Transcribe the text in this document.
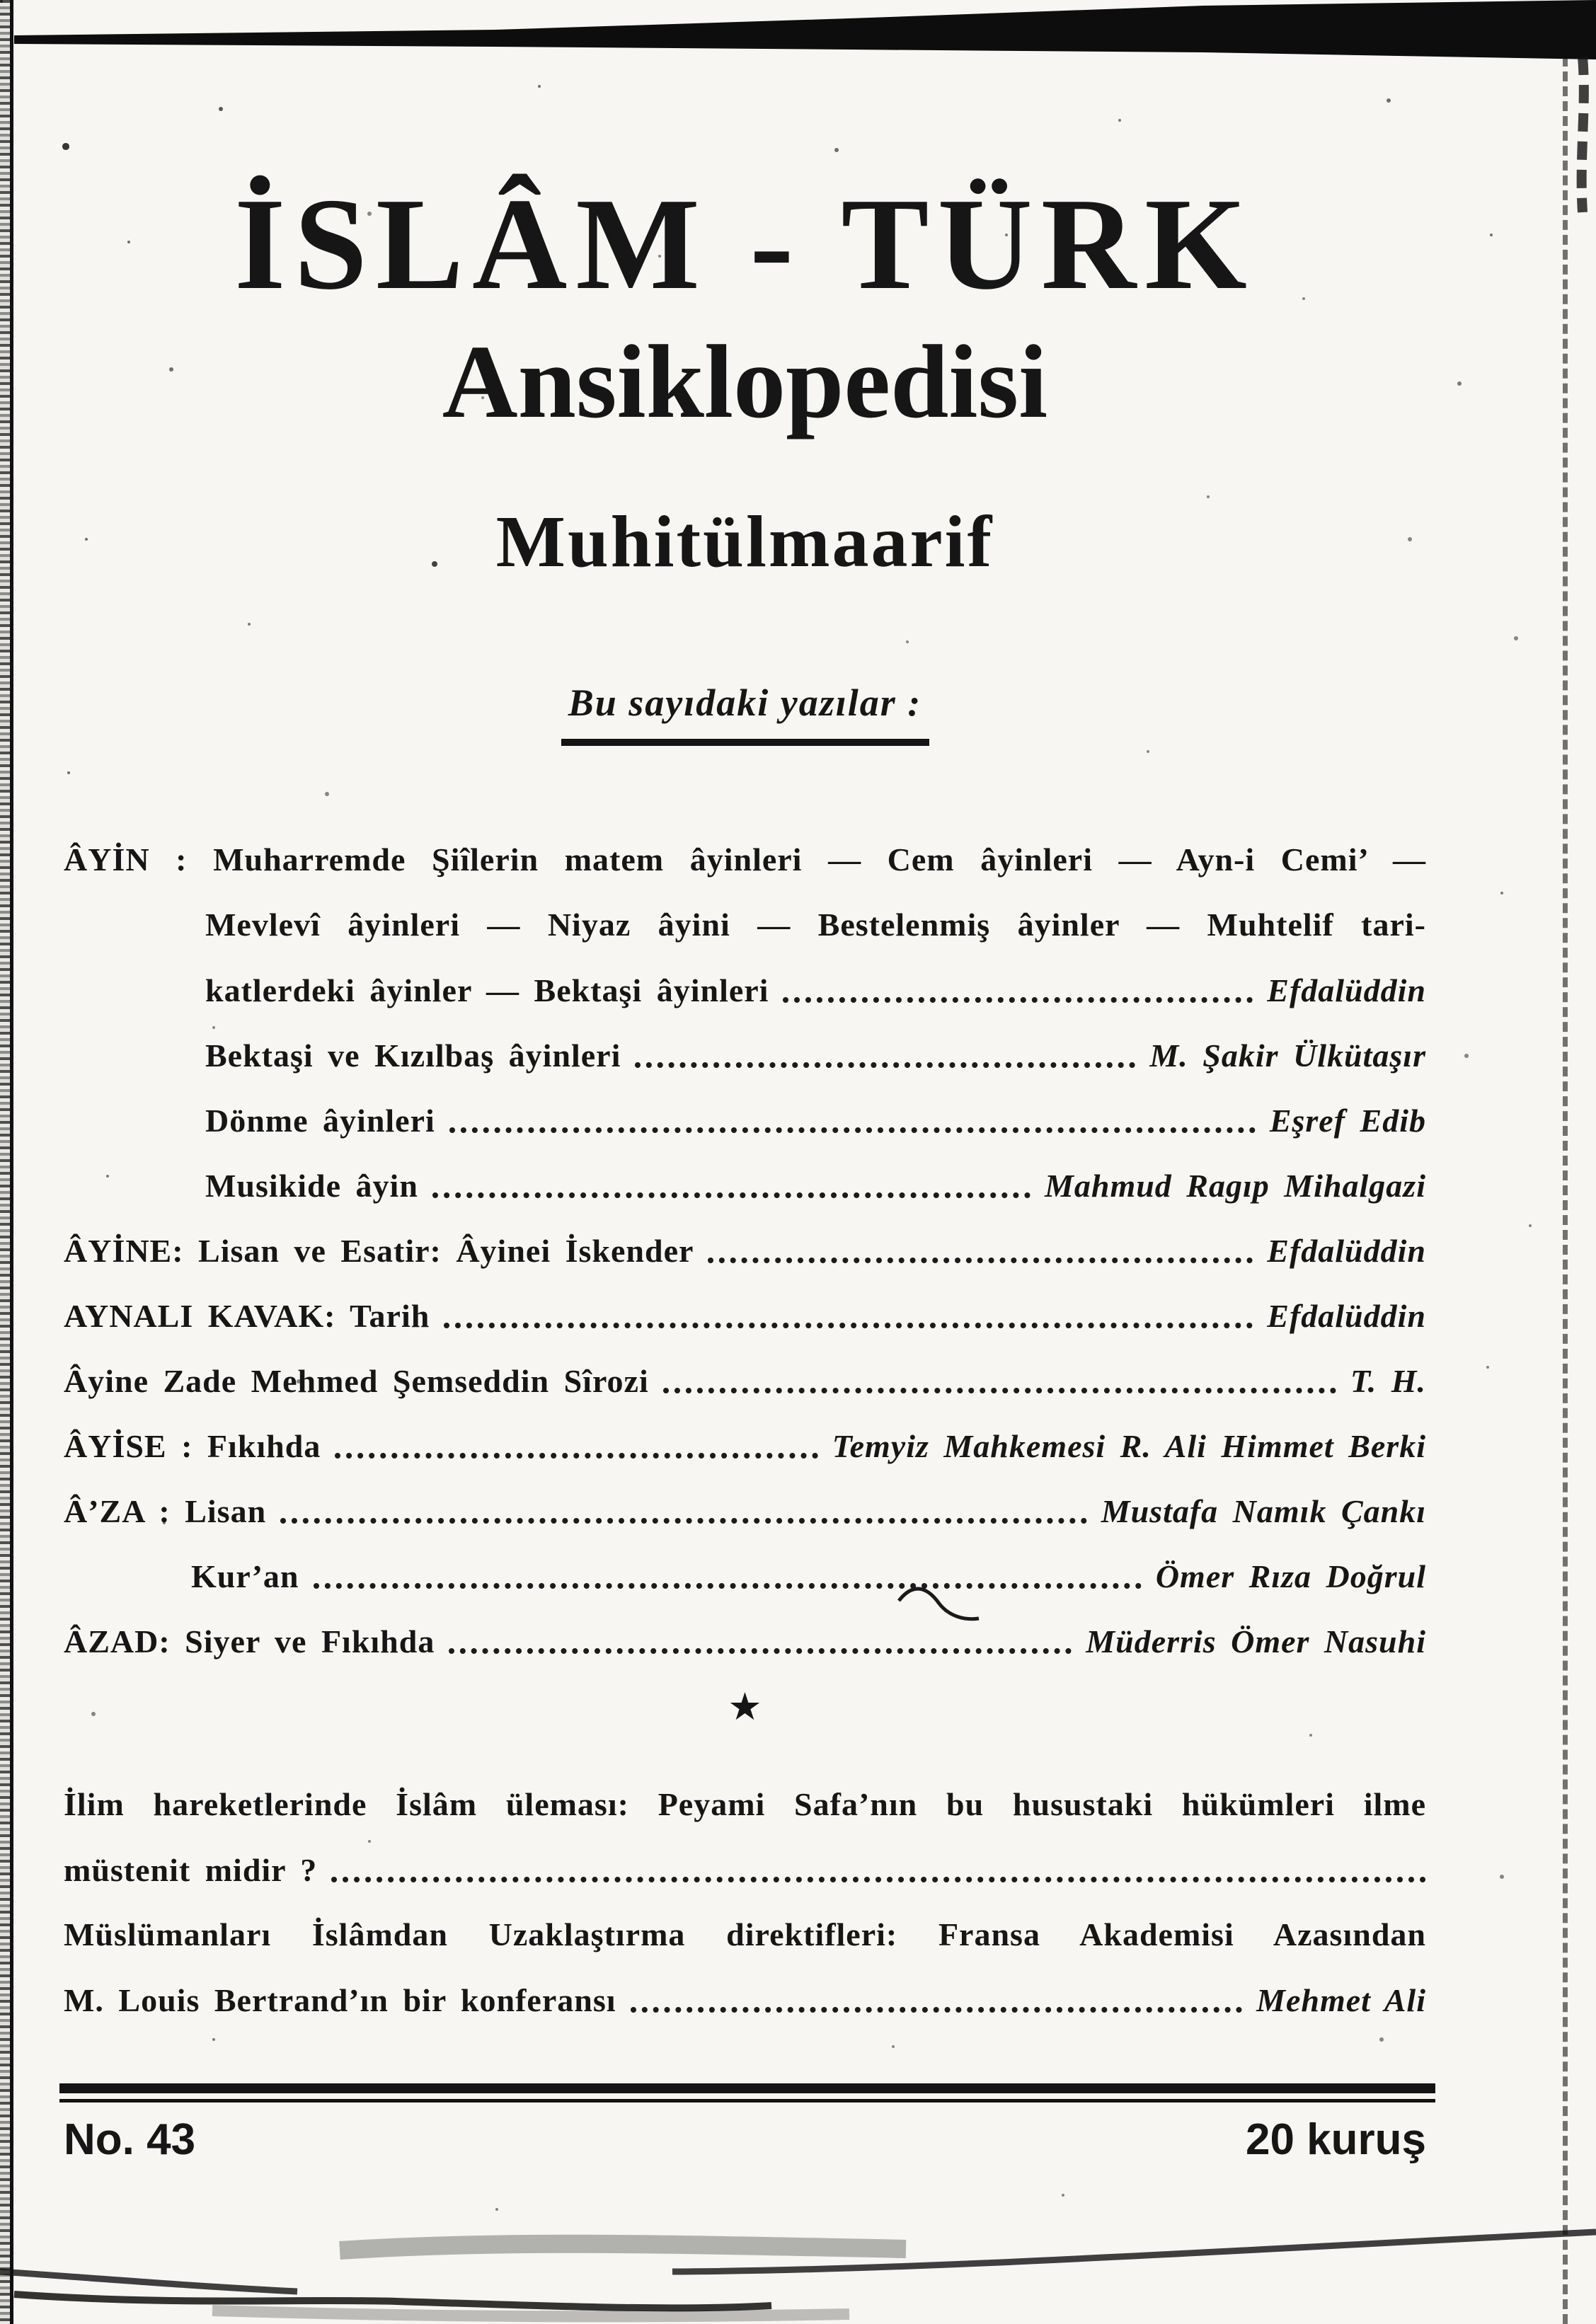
İSLÂM - TÜRK
Ansiklopedisi
Muhitülmaarif
Bu sayıdaki yazılar :
ÂYİN : Muharremde Şiîlerin matem âyinleri — Cem âyinleri — Ayn-i Cemi’ —
Mevlevî âyinleri — Niyaz âyini — Bestelenmiş âyinler — Muhtelif tari-
katlerdeki âyinler — Bektaşi âyinleri	Efdalüddin
Bektaşi ve Kızılbaş âyinleri	M. Şakir Ülkütaşır
Dönme âyinleri	Eşref Edib
Musikide âyin	Mahmud Ragıp Mihalgazi
ÂYİNE: Lisan ve Esatir: Âyinei İskender	Efdalüddin
AYNALI KAVAK: Tarih	Efdalüddin
Âyine Zade Mehmed Şemseddin Sîrozi	T. H.
ÂYİSE : Fıkıhda	Temyiz Mahkemesi R. Ali Himmet Berki
Â’ZA : Lisan	Mustafa Namık Çankı
Kur’an	Ömer Rıza Doğrul
ÂZAD: Siyer ve Fıkıhda	Müderris Ömer Nasuhi
★
İlim hareketlerinde İslâm üleması: Peyami Safa’nın bu husustaki hükümleri ilme
müstenit midir ?
Müslümanları İslâmdan Uzaklaştırma direktifleri: Fransa Akademisi Azasından
M. Louis Bertrand’ın bir konferansı	Mehmet Ali
No. 43	20 kuruş
